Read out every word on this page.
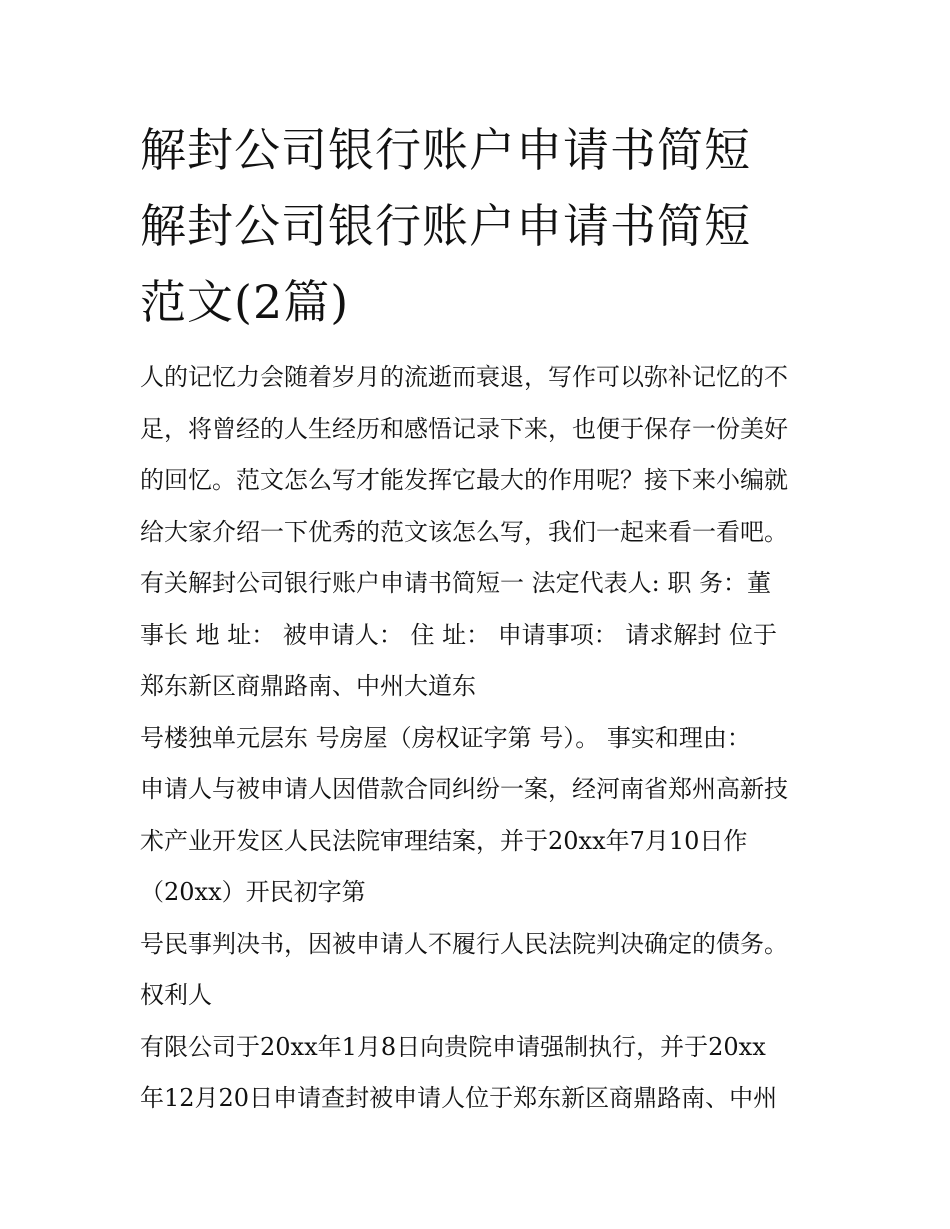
解封公司银行账户申请书简短
解封公司银行账户申请书简短
范文(2篇)
人的记忆力会随着岁月的流逝而衰退，写作可以弥补记忆的不
足，将曾经的人生经历和感悟记录下来，也便于保存一份美好
的回忆。范文怎么写才能发挥它最大的作用呢？接下来小编就
给大家介绍一下优秀的范文该怎么写，我们一起来看一看吧。
有关解封公司银行账户申请书简短一 法定代表人: 职 务：董
事长 地 址： 被申请人： 住 址： 申请事项： 请求解封 位于
郑东新区商鼎路南、中州大道东
号楼独单元层东 号房屋（房权证字第 号）。 事实和理由：
申请人与被申请人因借款合同纠纷一案，经河南省郑州高新技
术产业开发区人民法院审理结案，并于20xx年7月10日作
（20xx）开民初字第
号民事判决书，因被申请人不履行人民法院判决确定的债务。
权利人
有限公司于20xx年1月8日向贵院申请强制执行，并于20xx
年12月20日申请查封被申请人位于郑东新区商鼎路南、中州
